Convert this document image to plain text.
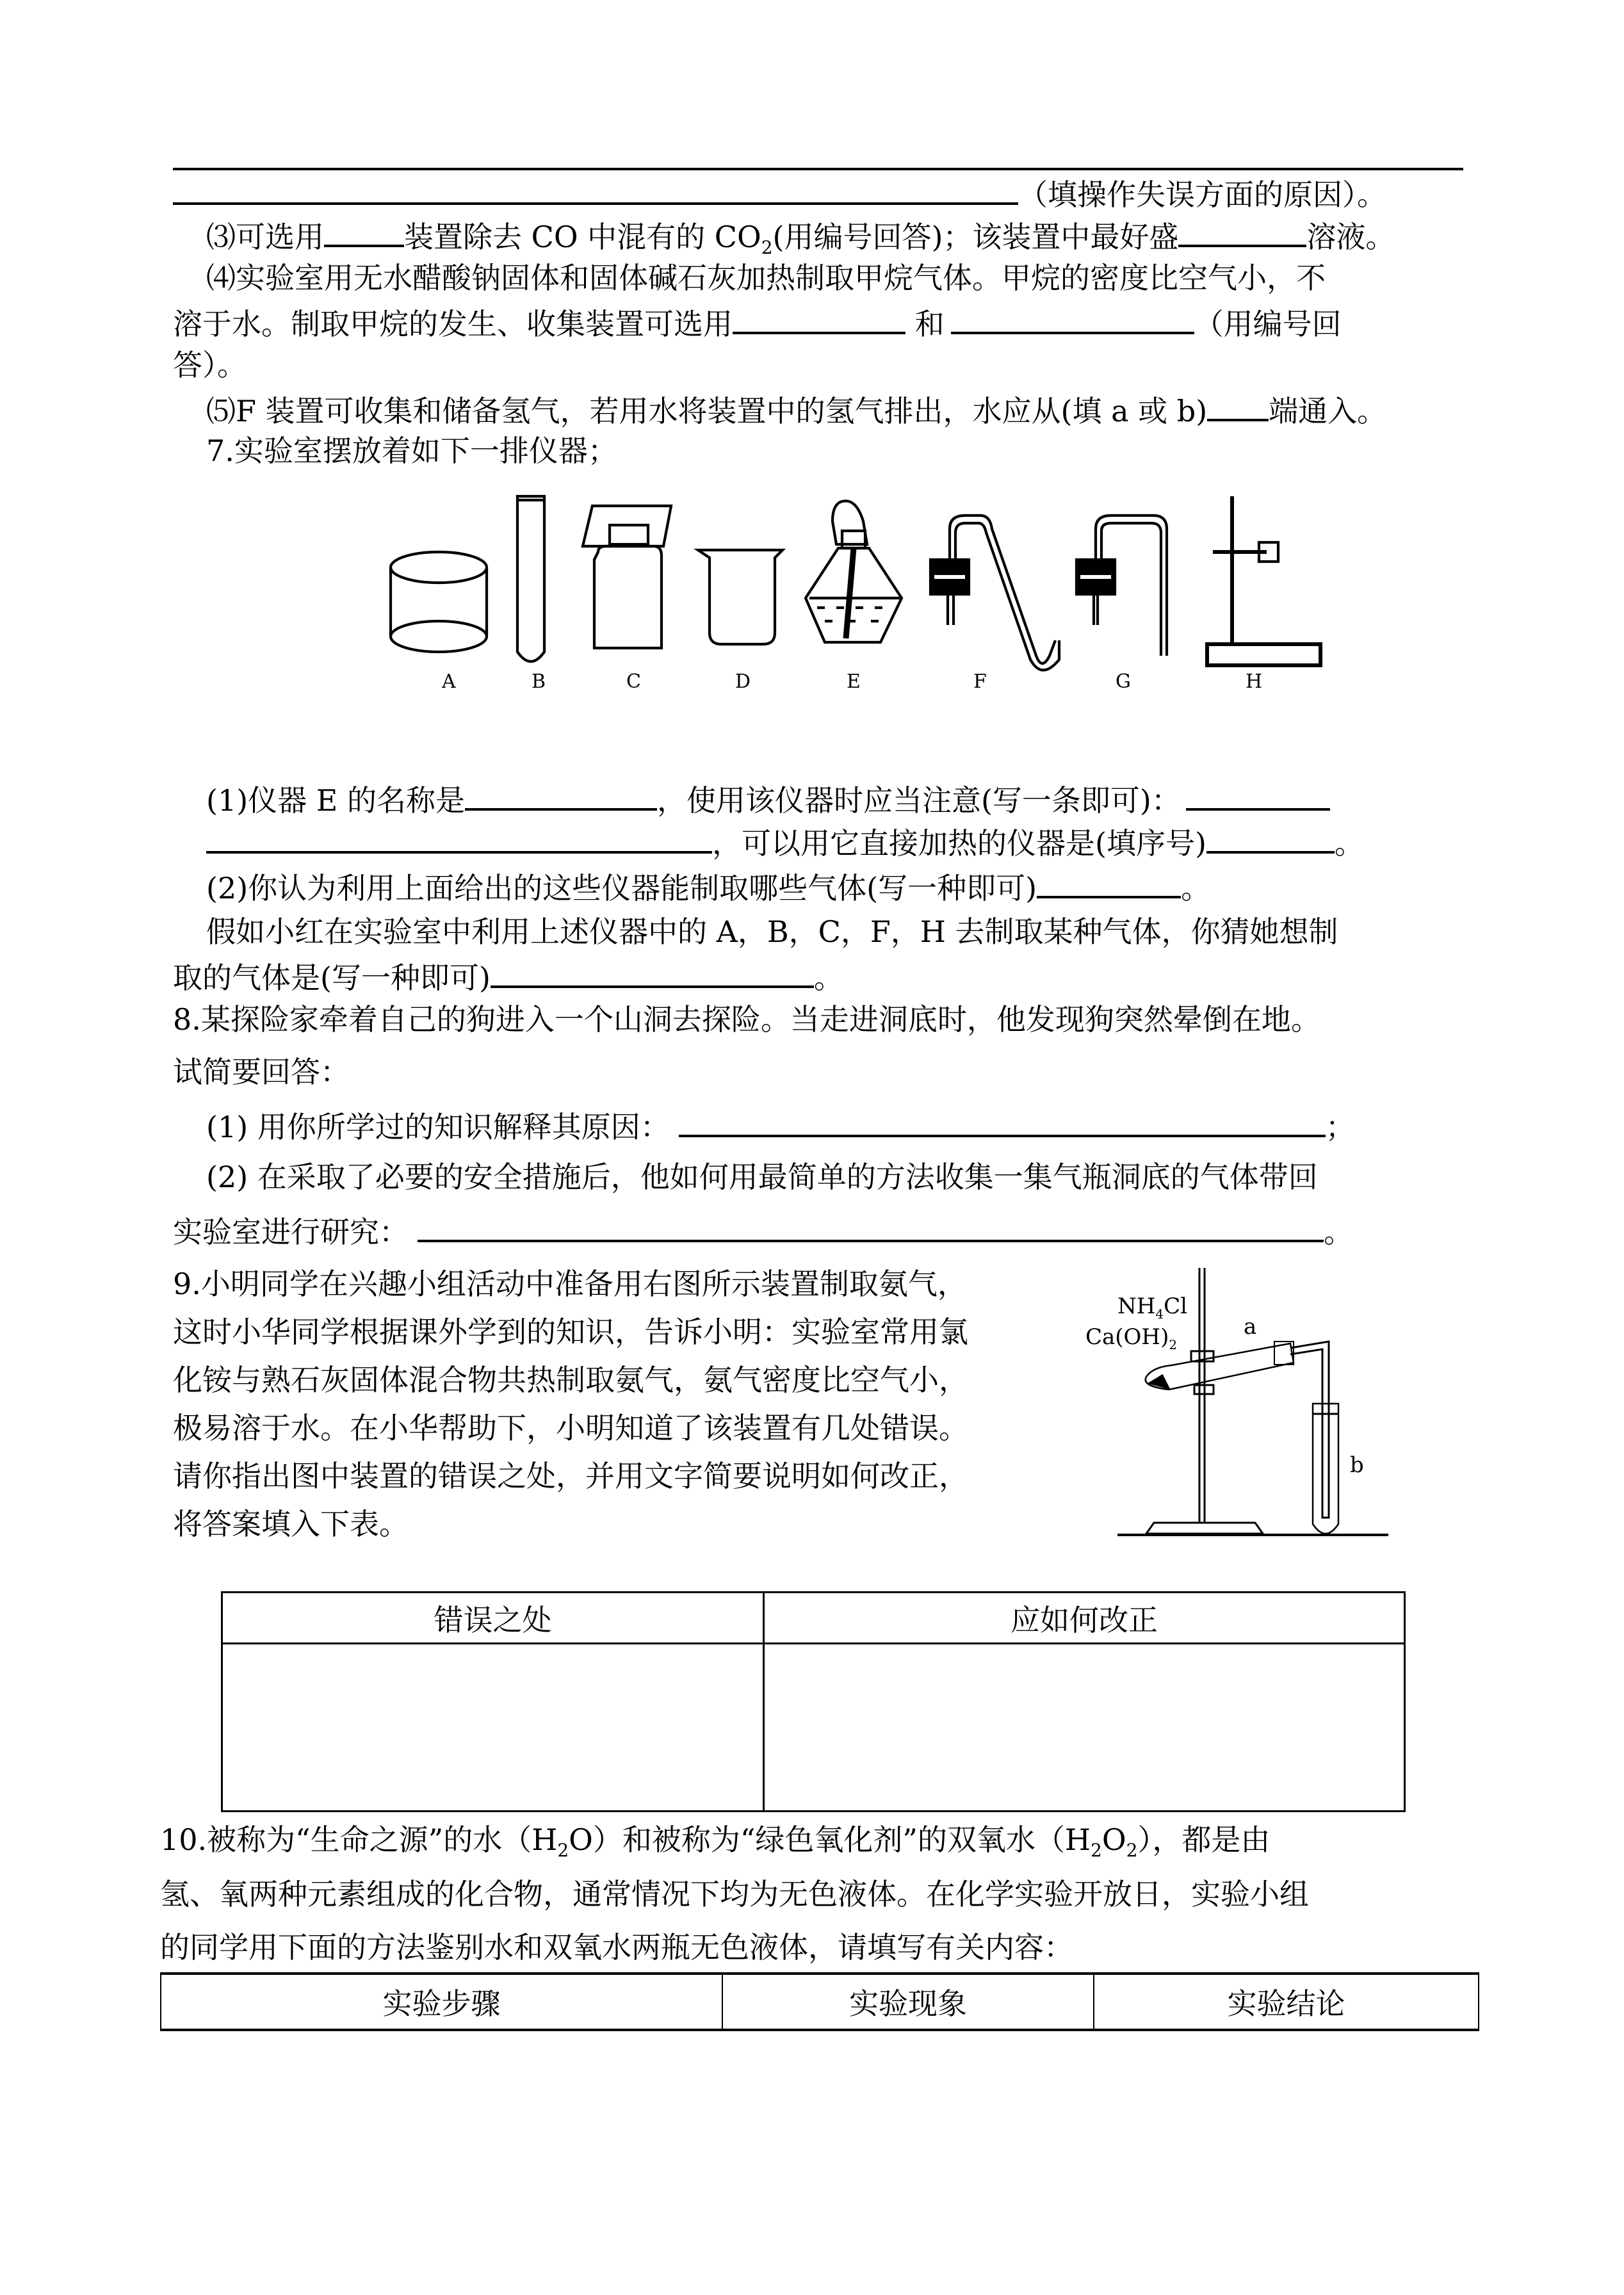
（填操作失误方面的原因）。
⑶可选用	装置除去 CO 中混有的 $CO_2$(用编号回答)；该装置中最好盛	溶液。
⑷实验室用无水醋酸钠固体和固体碱石灰加热制取甲烷气体。甲烷的密度比空气小，不
溶于水。制取甲烷的发生、收集装置可选用	和	（用编号回
答）。
⑸F 装置可收集和储备氢气，若用水将装置中的氢气排出，水应从(填 a 或 b) 端通入。
7.实验室摆放着如下一排仪器；
A	B	C	D	E	F	G	H
(1)仪器 E 的名称是	，使用该仪器时应当注意(写一条即可)：
，可以用它直接加热的仪器是(填序号)	。
(2)你认为利用上面给出的这些仪器能制取哪些气体(写一种即可)	。
假如小红在实验室中利用上述仪器中的 A，B，C，F，H 去制取某种气体，你猜她想制
取的气体是(写一种即可)	。
8.某探险家牵着自己的狗进入一个山洞去探险。当走进洞底时，他发现狗突然晕倒在地。
试简要回答：
(1) 用你所学过的知识解释其原因：	；
(2) 在采取了必要的安全措施后，他如何用最简单的方法收集一集气瓶洞底的气体带回
实验室进行研究：	。
9.小明同学在兴趣小组活动中准备用右图所示装置制取氨气，
这时小华同学根据课外学到的知识，告诉小明：实验室常用氯
化铵与熟石灰固体混合物共热制取氨气，氨气密度比空气小，
极易溶于水。在小华帮助下，小明知道了该装置有几处错误。
请你指出图中装置的错误之处，并用文字简要说明如何改正，
将答案填入下表。
$NH_4Cl$
$Ca(OH)_2$
a
b
错误之处	应如何改正

10.被称为“生命之源”的水$(H_2O)$和被称为“绿色氧化剂”的双氧水$(H_2O_2)$，都是由
氢、氧两种元素组成的化合物，通常情况下均为无色液体。在化学实验开放日，实验小组
的同学用下面的方法鉴别水和双氧水两瓶无色液体，请填写有关内容：
实验步骤	实验现象	实验结论
